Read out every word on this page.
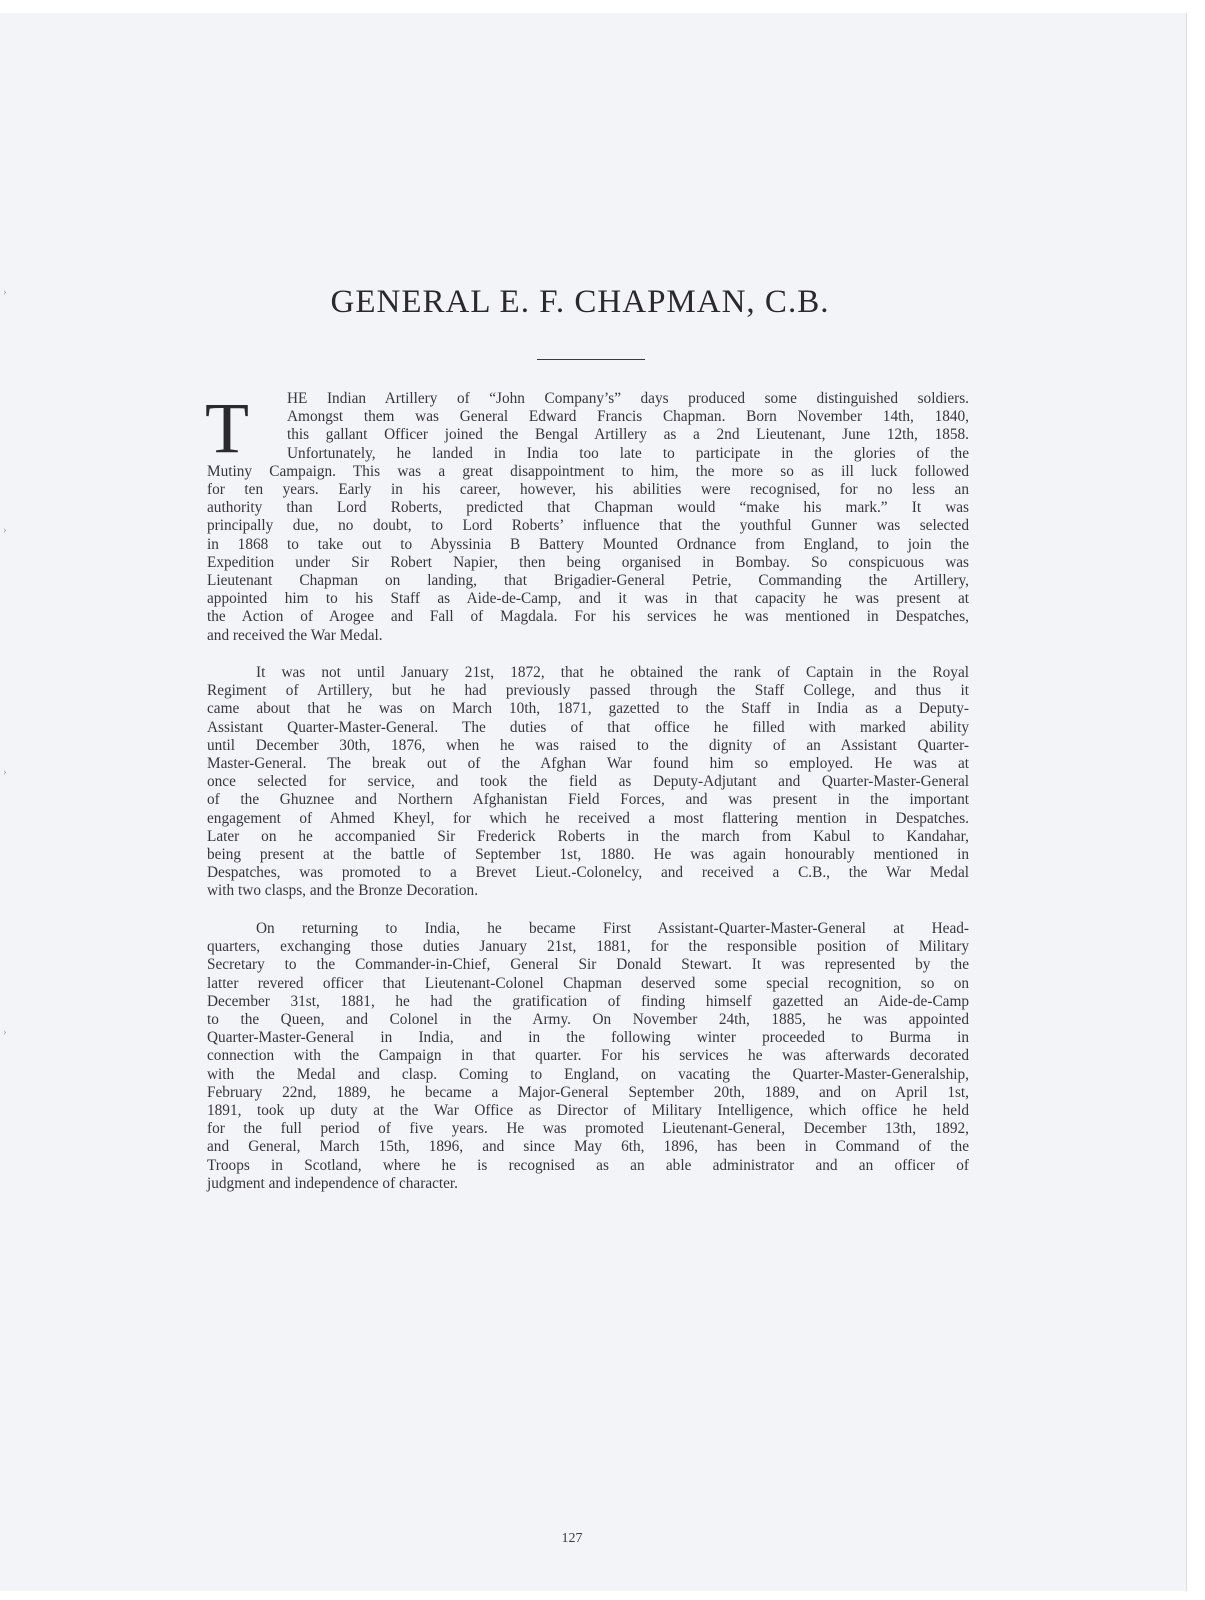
›
›
›
›
GENERAL E. F. CHAPMAN, C.B.
T	HE Indian Artillery of “John Company’s” days produced some distinguished soldiers.
Amongst them was General Edward Francis Chapman. Born November 14th, 1840,
this gallant Officer joined the Bengal Artillery as a 2nd Lieutenant, June 12th, 1858.
Unfortunately, he landed in India too late to participate in the glories of the
Mutiny Campaign. This was a great disappointment to him, the more so as ill luck followed
for ten years. Early in his career, however, his abilities were recognised, for no less an
authority than Lord Roberts, predicted that Chapman would “make his mark.” It was
principally due, no doubt, to Lord Roberts’ influence that the youthful Gunner was selected
in 1868 to take out to Abyssinia B Battery Mounted Ordnance from England, to join the
Expedition under Sir Robert Napier, then being organised in Bombay. So conspicuous was
Lieutenant Chapman on landing, that Brigadier-General Petrie, Commanding the Artillery,
appointed him to his Staff as Aide-de-Camp, and it was in that capacity he was present at
the Action of Arogee and Fall of Magdala. For his services he was mentioned in Despatches,
and received the War Medal.
It was not until January 21st, 1872, that he obtained the rank of Captain in the Royal
Regiment of Artillery, but he had previously passed through the Staff College, and thus it
came about that he was on March 10th, 1871, gazetted to the Staff in India as a Deputy-
Assistant Quarter-Master-General. The duties of that office he filled with marked ability
until December 30th, 1876, when he was raised to the dignity of an Assistant Quarter-
Master-General. The break out of the Afghan War found him so employed. He was at
once selected for service, and took the field as Deputy-Adjutant and Quarter-Master-General
of the Ghuznee and Northern Afghanistan Field Forces, and was present in the important
engagement of Ahmed Kheyl, for which he received a most flattering mention in Despatches.
Later on he accompanied Sir Frederick Roberts in the march from Kabul to Kandahar,
being present at the battle of September 1st, 1880. He was again honourably mentioned in
Despatches, was promoted to a Brevet Lieut.-Colonelcy, and received a C.B., the War Medal
with two clasps, and the Bronze Decoration.
On returning to India, he became First Assistant-Quarter-Master-General at Head-
quarters, exchanging those duties January 21st, 1881, for the responsible position of Military
Secretary to the Commander-in-Chief, General Sir Donald Stewart. It was represented by the
latter revered officer that Lieutenant-Colonel Chapman deserved some special recognition, so on
December 31st, 1881, he had the gratification of finding himself gazetted an Aide-de-Camp
to the Queen, and Colonel in the Army. On November 24th, 1885, he was appointed
Quarter-Master-General in India, and in the following winter proceeded to Burma in
connection with the Campaign in that quarter. For his services he was afterwards decorated
with the Medal and clasp. Coming to England, on vacating the Quarter-Master-Generalship,
February 22nd, 1889, he became a Major-General September 20th, 1889, and on April 1st,
1891, took up duty at the War Office as Director of Military Intelligence, which office he held
for the full period of five years. He was promoted Lieutenant-General, December 13th, 1892,
and General, March 15th, 1896, and since May 6th, 1896, has been in Command of the
Troops in Scotland, where he is recognised as an able administrator and an officer of
judgment and independence of character.
127
